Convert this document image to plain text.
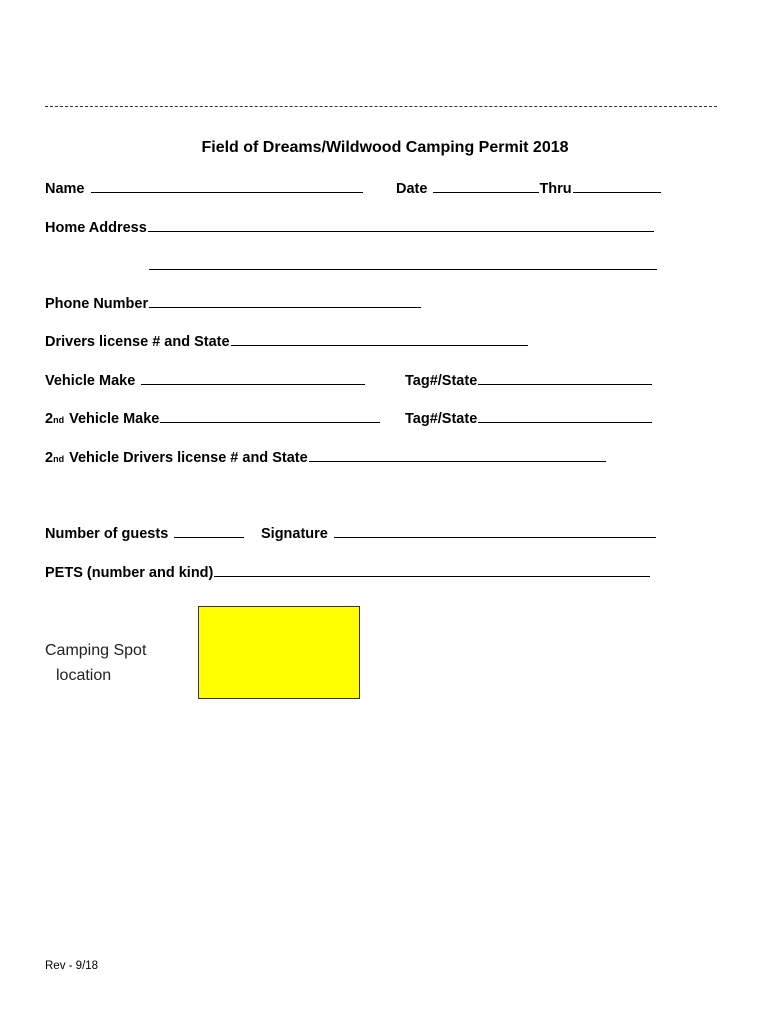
Field of Dreams/Wildwood Camping Permit 2018
Name	Date	Thru
Home Address
Phone Number
Drivers license # and State
Vehicle Make	Tag#/State
2 nd Vehicle Make	Tag#/State
2 nd Vehicle Drivers license # and State
Number of guests	Signature
PETS (number and kind)
Camping Spot
location
Rev - 9/18
